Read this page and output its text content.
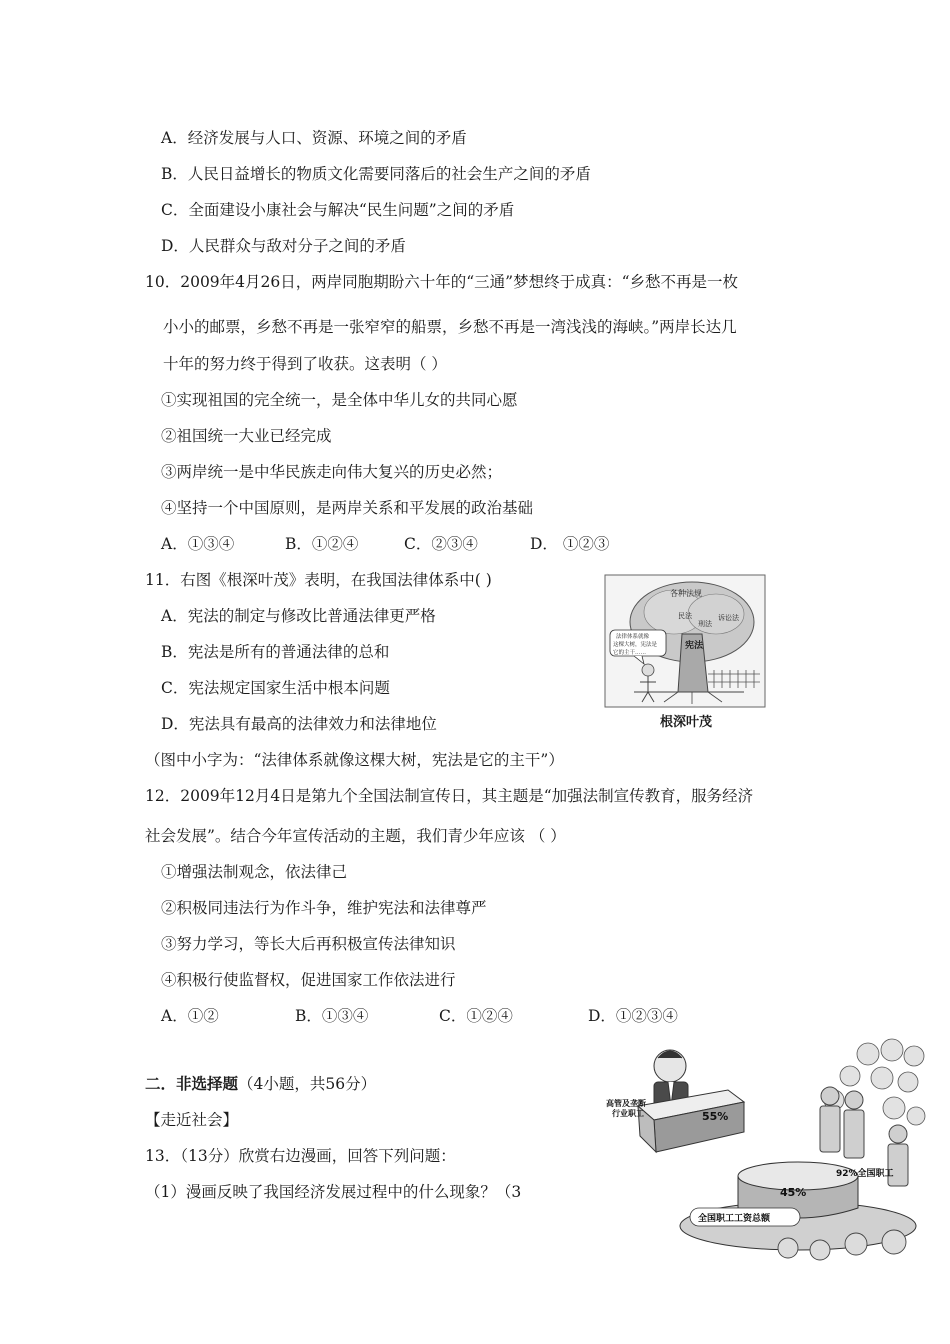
A．经济发展与人口、资源、环境之间的矛盾
B．人民日益增长的物质文化需要同落后的社会生产之间的矛盾
C．全面建设小康社会与解决“民生问题”之间的矛盾
D．人民群众与敌对分子之间的矛盾
10．2009年4月26日，两岸同胞期盼六十年的“三通”梦想终于成真：“乡愁不再是一枚
小小的邮票，乡愁不再是一张窄窄的船票，乡愁不再是一湾浅浅的海峡。”两岸长达几
十年的努力终于得到了收获。这表明（ ）
①实现祖国的完全统一，是全体中华儿女的共同心愿
②祖国统一大业已经完成
③两岸统一是中华民族走向伟大复兴的历史必然；
④坚持一个中国原则，是两岸关系和平发展的政治基础
A．①③④	B．①②④	C．②③④	D． ①②③
11．右图《根深叶茂》表明，在我国法律体系中( )
A．宪法的制定与修改比普通法律更严格
B．宪法是所有的普通法律的总和
C．宪法规定国家生活中根本问题
D．宪法具有最高的法律效力和法律地位
（图中小字为：“法律体系就像这棵大树，宪法是它的主干”）
各种法规
宪法
民法
刑法
诉讼法
法律体系就像
这棵大树，宪法是
它的主干……
根深叶茂
12．2009年12月4日是第九个全国法制宣传日，其主题是“加强法制宣传教育，服务经济
社会发展”。结合今年宣传活动的主题，我们青少年应该 （ ）
①增强法制观念，依法律己
②积极同违法行为作斗争，维护宪法和法律尊严
③努力学习，等长大后再积极宣传法律知识
④积极行使监督权，促进国家工作依法进行
A．①②	B．①③④	C．①②④	D．①②③④
二．非选择题（4小题，共56分）
【走近社会】
13．（13分）欣赏右边漫画，回答下列问题：
（1）漫画反映了我国经济发展过程中的什么现象？（3
高管及垄断
行业职工	55%
92%全国职工
45%
全国职工工资总额
